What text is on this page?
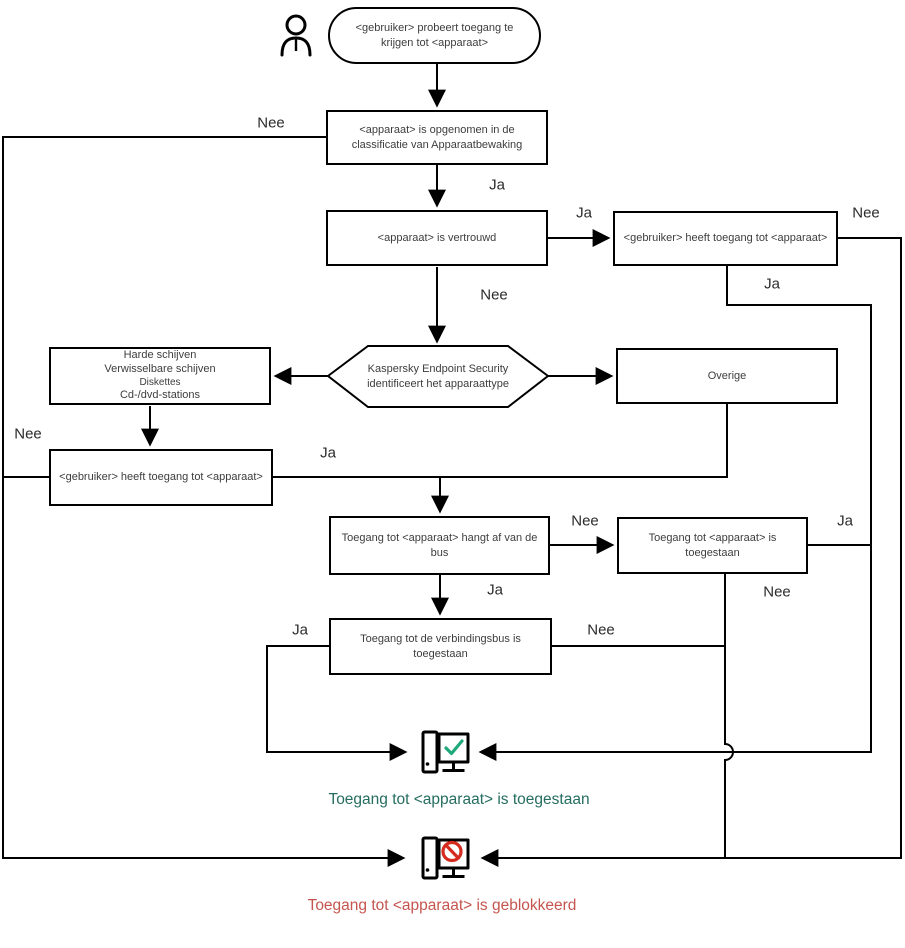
<gebruiker> probeert toegang te krijgen tot <apparaat>
<apparaat> is opgenomen in de classificatie van Apparaatbewaking
<apparaat> is vertrouwd	<gebruiker> heeft toegang tot <apparaat>
Kaspersky Endpoint Security identificeert het apparaattype
Harde schijven
Verwisselbare schijven
Diskettes
Cd-/dvd-stations
Overige
<gebruiker> heeft toegang tot <apparaat>
Toegang tot <apparaat> hangt af van de bus
Toegang tot <apparaat> is toegestaan
Toegang tot de verbindingsbus is toegestaan
Nee
Ja
Ja
Nee
Nee
Ja
Nee
Ja
Nee
Ja
Ja
Nee
Ja	Nee
Toegang tot <apparaat> is toegestaan
Toegang tot <apparaat> is geblokkeerd
